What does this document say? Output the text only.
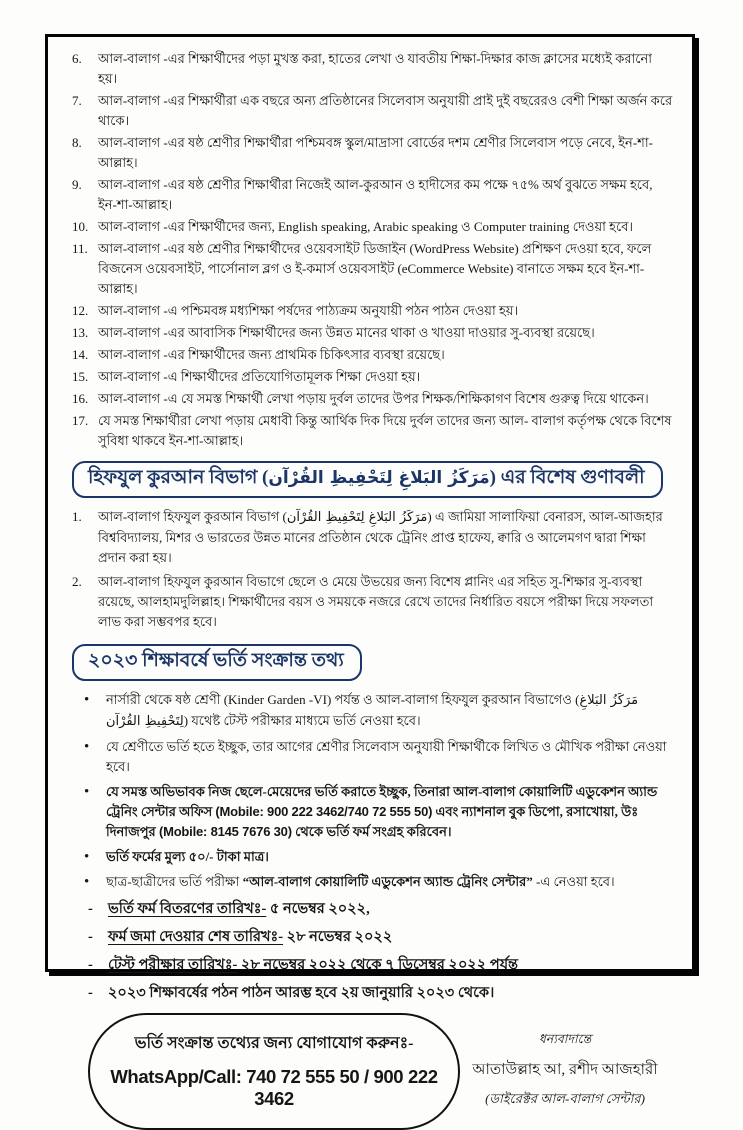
6.	আল-বালাগ -এর শিক্ষার্থীদের পড়া মুখস্ত করা, হাতের লেখা ও যাবতীয় শিক্ষা-দিক্ষার কাজ ক্লাসের মধ্যেই করানো হয়।
7.	আল-বালাগ -এর শিক্ষার্থীরা এক বছরে অন্য প্রতিষ্ঠানের সিলেবাস অনুযায়ী প্রাই দুই বছরেরও বেশী শিক্ষা অর্জন করে থাকে।
8.	আল-বালাগ -এর ষষ্ঠ শ্রেণীর শিক্ষার্থীরা পশ্চিমবঙ্গ স্কুল/মাদ্রাসা বোর্ডের দশম শ্রেণীর সিলেবাস পড়ে নেবে, ইন-শা-আল্লাহ।
9.	আল-বালাগ -এর ষষ্ঠ শ্রেণীর শিক্ষার্থীরা নিজেই আল-কুরআন ও হাদীসের কম পক্ষে ৭৫% অর্থ বুঝতে সক্ষম হবে, ইন-শা-আল্লাহ।
10. আল-বালাগ -এর শিক্ষার্থীদের জন্য, English speaking, Arabic speaking ও Computer training দেওয়া হবে।
11. আল-বালাগ -এর ষষ্ঠ শ্রেণীর শিক্ষার্থীদের ওয়েবসাইট ডিজাইন (WordPress Website) প্রশিক্ষণ দেওয়া হবে, ফলে বিজনেস ওয়েবসাইট, পার্সোনাল ব্লগ ও ই-কমার্স ওয়েবসাইট (eCommerce Website) বানাতে সক্ষম হবে ইন-শা-আল্লাহ।
12. আল-বালাগ -এ পশ্চিমবঙ্গ মধ্যশিক্ষা পর্ষদের পাঠ্যক্রম অনুযায়ী পঠন পাঠন দেওয়া হয়।
13. আল-বালাগ -এর আবাসিক শিক্ষার্থীদের জন্য উন্নত মানের থাকা ও খাওয়া দাওয়ার সু-ব্যবস্থা রয়েছে।
14. আল-বালাগ -এর শিক্ষার্থীদের জন্য প্রাথমিক চিকিৎসার ব্যবস্থা রয়েছে।
15. আল-বালাগ -এ শিক্ষার্থীদের প্রতিযোগিতামূলক শিক্ষা দেওয়া হয়।
16. আল-বালাগ -এ যে সমস্ত শিক্ষার্থী লেখা পড়ায় দুর্বল তাদের উপর শিক্ষক/শিক্ষিকাগণ বিশেষ গুরুত্ব দিয়ে থাকেন।
17. যে সমস্ত শিক্ষার্থীরা লেখা পড়ায় মেধাবী কিন্তু আর্থিক দিক দিয়ে দুর্বল তাদের জন্য আল- বালাগ কর্তৃপক্ষ থেকে বিশেষ সুবিধা থাকবে ইন-শা-আল্লাহ।
হিফযুল কুরআন বিভাগ (مَرَكَزُ البَلاغِ لِتَحْفِيظِ القُرْآن) এর বিশেষ গুণাবলী
1.	আল-বালাগ হিফযুল কুরআন বিভাগ (مَرَكَزُ البَلاغِ لِتَحْفِيظِ القُرْآن) এ জামিয়া সালাফিয়া বেনারস, আল-আজহার বিশ্ববিদ্যালয়, মিশর ও ভারতের উন্নত মানের প্রতিষ্ঠান থেকে ট্রেনিং প্রাপ্ত হাফেয, ক্বারি ও আলেমগণ দ্বারা শিক্ষা প্রদান করা হয়।
2.	আল-বালাগ হিফযুল কুরআন বিভাগে ছেলে ও মেয়ে উভয়ের জন্য বিশেষ প্লানিং এর সহিত সু-শিক্ষার সু-ব্যবস্থা রয়েছে, আলহামদুলিল্লাহ। শিক্ষার্থীদের বয়স ও সময়কে নজরে রেখে তাদের নির্ধারিত বয়সে পরীক্ষা দিয়ে সফলতা লাভ করা সম্ভবপর হবে।
২০২৩ শিক্ষাবর্ষে ভর্তি সংক্রান্ত তথ্য
•
নার্সারী থেকে ষষ্ঠ শ্রেণী (Kinder Garden -VI) পর্যন্ত ও আল-বালাগ হিফযুল কুরআন বিভাগেও (مَرَكَزُ البَلاغِ لِتَحْفِيظِ القُرْآن) যথেষ্ট টেস্ট পরীক্ষার মাধ্যমে ভর্তি নেওয়া হবে।
•
যে শ্রেণীতে ভর্তি হতে ইচ্ছুক, তার আগের শ্রেণীর সিলেবাস অনুযায়ী শিক্ষার্থীকে লিখিত ও মৌখিক পরীক্ষা নেওয়া হবে।
•
যে সমস্ত অভিভাবক নিজ ছেলে-মেয়েদের ভর্তি করাতে ইচ্ছুক, তিনারা আল-বালাগ কোয়ালিটি এডুকেশন অ্যান্ড ট্রেনিং সেন্টার অফিস (Mobile: 900 222 3462/740 72 555 50) এবং ন্যাশনাল বুক ডিপো, রসাখোয়া, উঃ দিনাজপুর (Mobile: 8145 7676 30) থেকে ভর্তি ফর্ম সংগ্রহ করিবেন।
•
ভর্তি ফর্মের মুল্য ৫০/- টাকা মাত্র।
•
ছাত্র-ছাত্রীদের ভর্তি পরীক্ষা “আল-বালাগ কোয়ালিটি এডুকেশন অ্যান্ড ট্রেনিং সেন্টার” -এ নেওয়া হবে।
-
ভর্তি ফর্ম বিতরণের তারিখঃ- ৫ নভেম্বর ২০২২,
-
ফর্ম জমা দেওয়ার শেষ তারিখঃ- ২৮ নভেম্বর ২০২২
-
টেস্ট পরীক্ষার তারিখঃ- ২৮ নভেম্বর ২০২২ থেকে ৭ ডিসেম্বর ২০২২ পর্যন্ত
-
২০২৩ শিক্ষাবর্ষের পঠন পাঠন আরম্ভ হবে ২য় জানুয়ারি ২০২৩ থেকে।
ভর্তি সংক্রান্ত তথ্যের জন্য যোগাযোগ করুনঃ-
WhatsApp/Call: 740 72 555 50 / 900 222 3462
ধন্যবাদান্তে
আতাউল্লাহ আ, রশীদ আজহারী
(ডাইরেক্টর আল-বালাগ সেন্টার)
